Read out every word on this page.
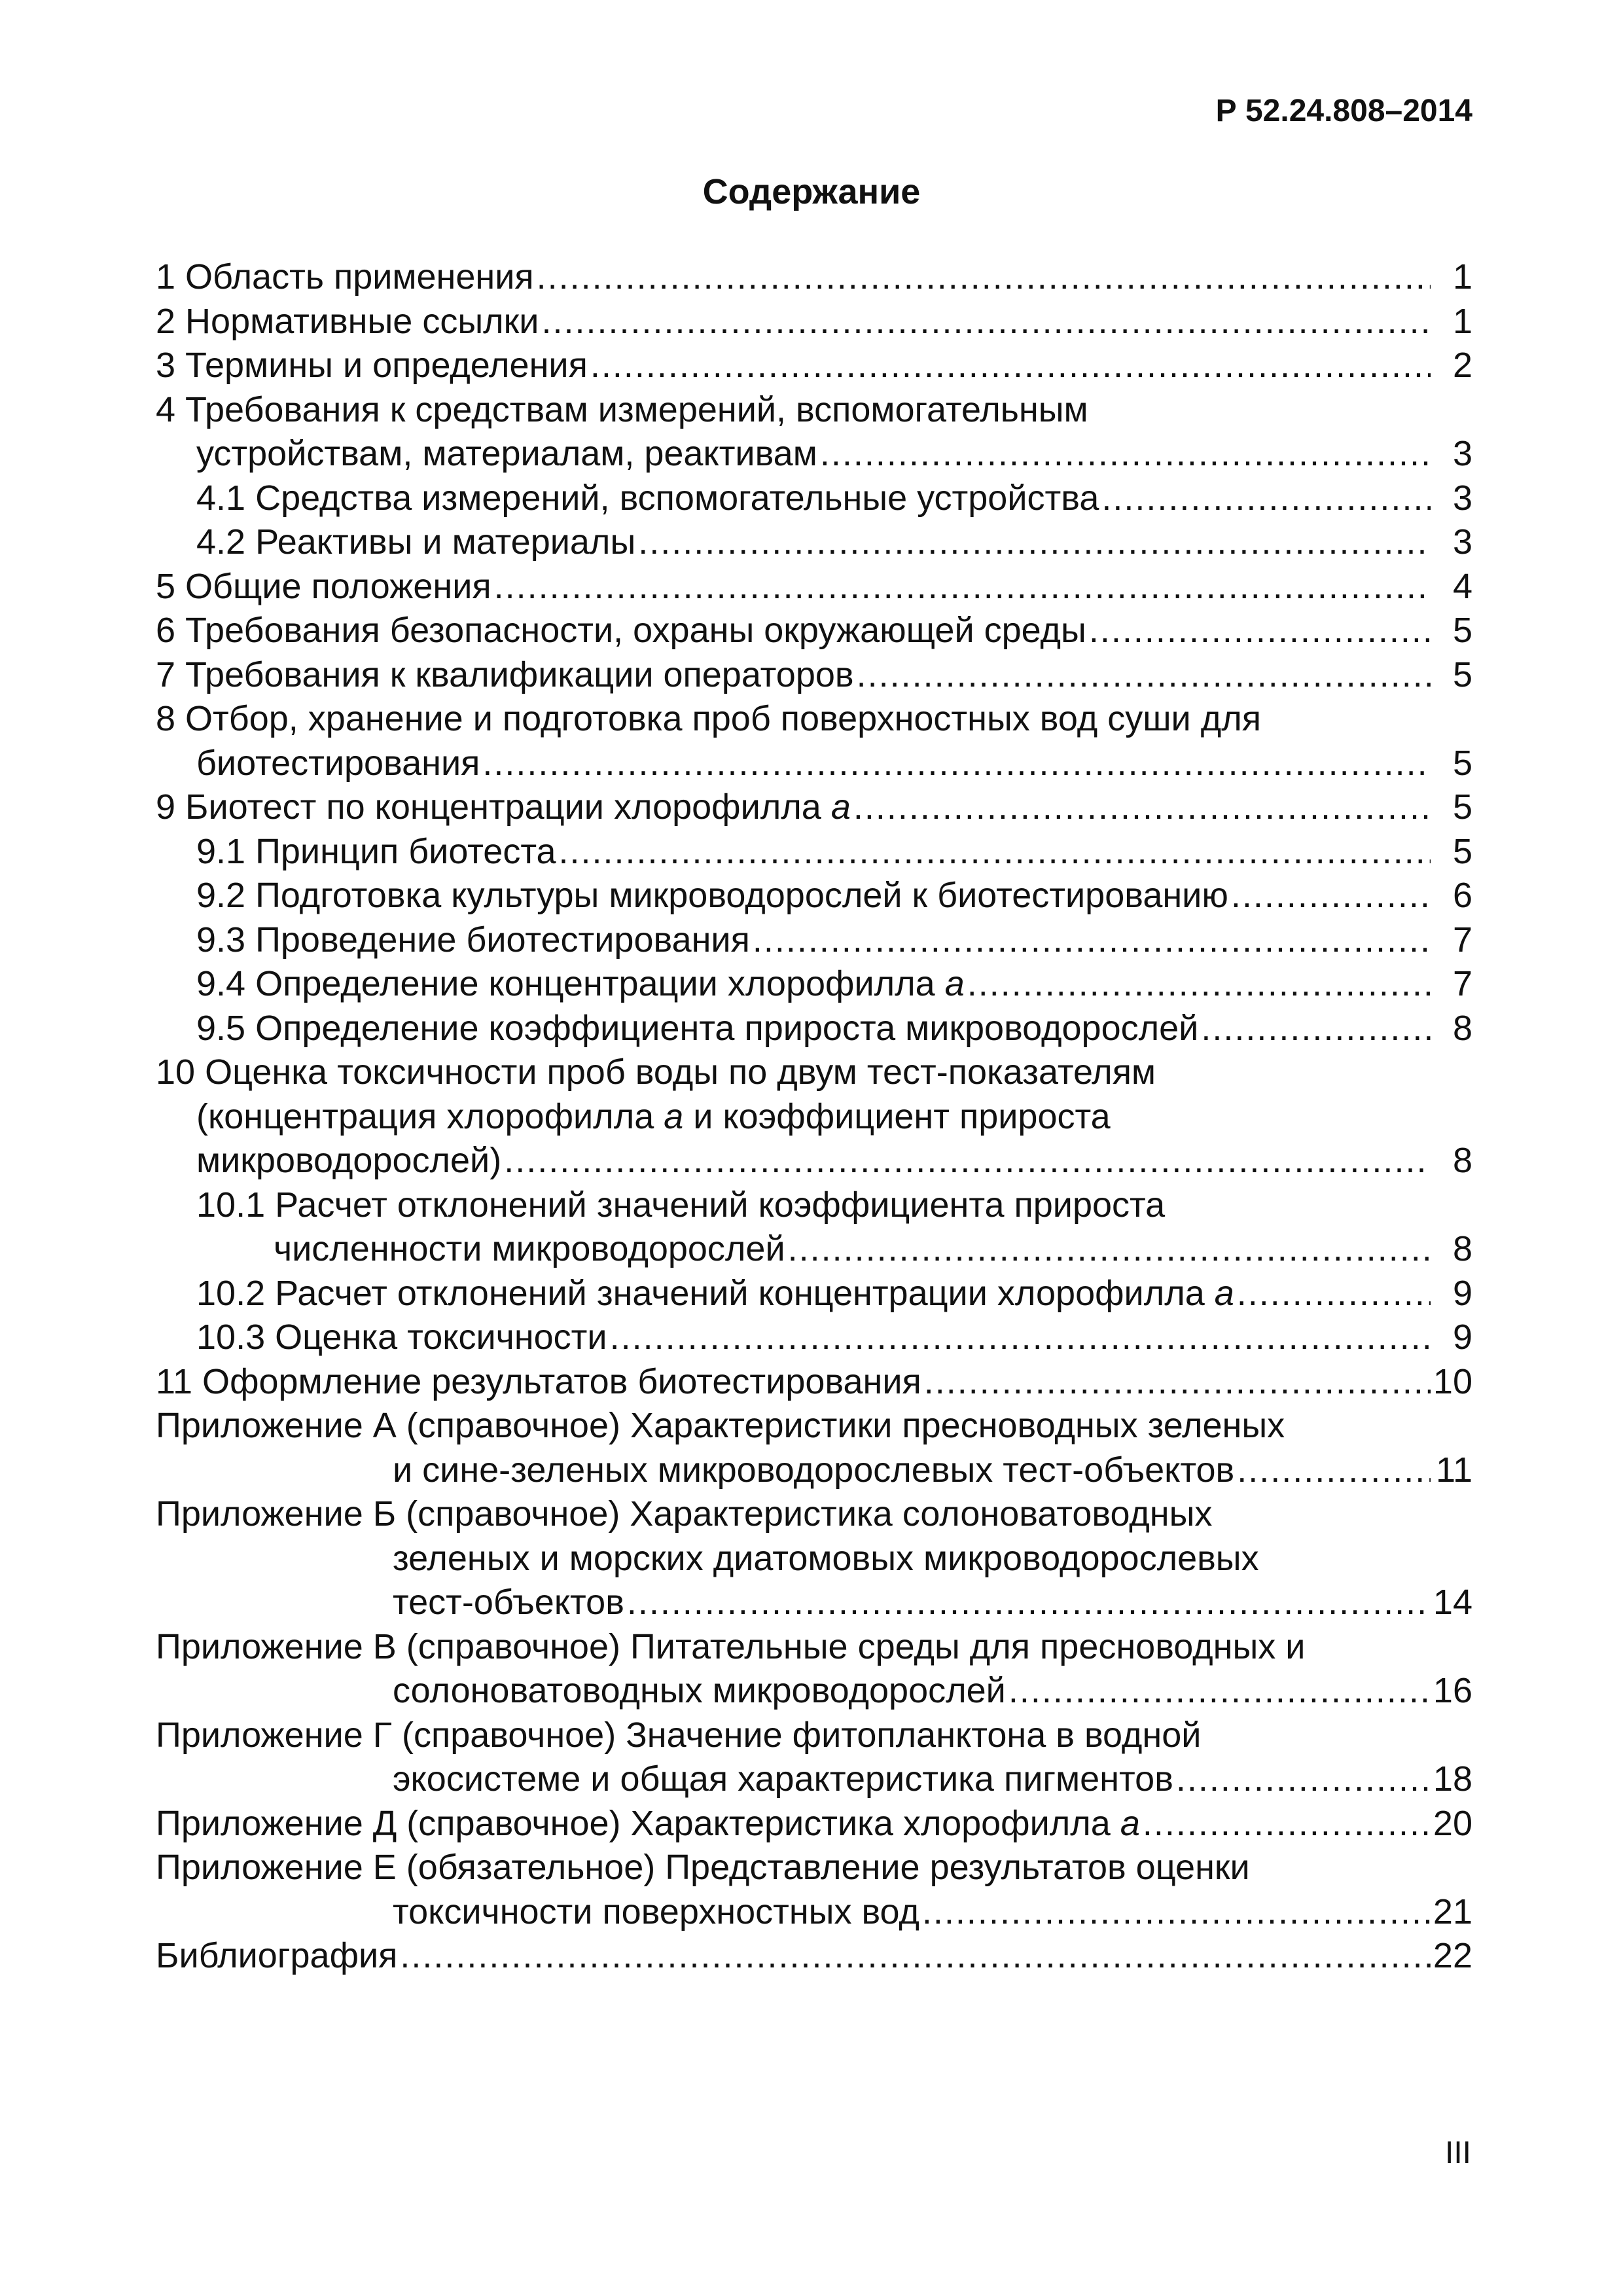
Р 52.24.808–2014
Содержание
1 Область применения .....	1
2 Нормативные ссылки .....	1
3 Термины и определения .....	2
4 Требования к средствам измерений, вспомогательным
устройствам, материалам, реактивам .....	3
4.1 Средства измерений, вспомогательные устройства .....	3
4.2 Реактивы и материалы .....	3
5 Общие положения .....	4
6 Требования безопасности, охраны окружающей среды .....	5
7 Требования к квалификации операторов .....	5
8 Отбор, хранение и подготовка проб поверхностных вод суши для
биотестирования .....	5
9 Биотест по концентрации хлорофилла а .....	5
9.1 Принцип биотеста .....	5
9.2 Подготовка культуры микроводорослей к биотестированию .....	6
9.3 Проведение биотестирования .....	7
9.4 Определение концентрации хлорофилла а .....	7
9.5 Определение коэффициента прироста микроводорослей .....	8
10 Оценка токсичности проб воды по двум тест-показателям
(концентрация хлорофилла а и коэффициент прироста
микроводорослей) .....	8
10.1 Расчет отклонений значений коэффициента прироста
численности микроводорослей .....	8
10.2 Расчет отклонений значений концентрации хлорофилла а .....	9
10.3 Оценка токсичности .....	9
11 Оформление результатов биотестирования .....	10
Приложение А (справочное) Характеристики пресноводных зеленых
и сине-зеленых микроводорослевых тест-объектов .....	11
Приложение Б (справочное) Характеристика солоноватоводных
зеленых и морских диатомовых микроводорослевых
тест-объектов .....	14
Приложение В (справочное) Питательные среды для пресноводных и
солоноватоводных микроводорослей .....	16
Приложение Г (справочное) Значение фитопланктона в водной
экосистеме и общая характеристика пигментов .....	18
Приложение Д (справочное) Характеристика хлорофилла а .....	20
Приложение Е (обязательное) Представление результатов оценки
токсичности поверхностных вод .....	21
Библиография .....	22
III
